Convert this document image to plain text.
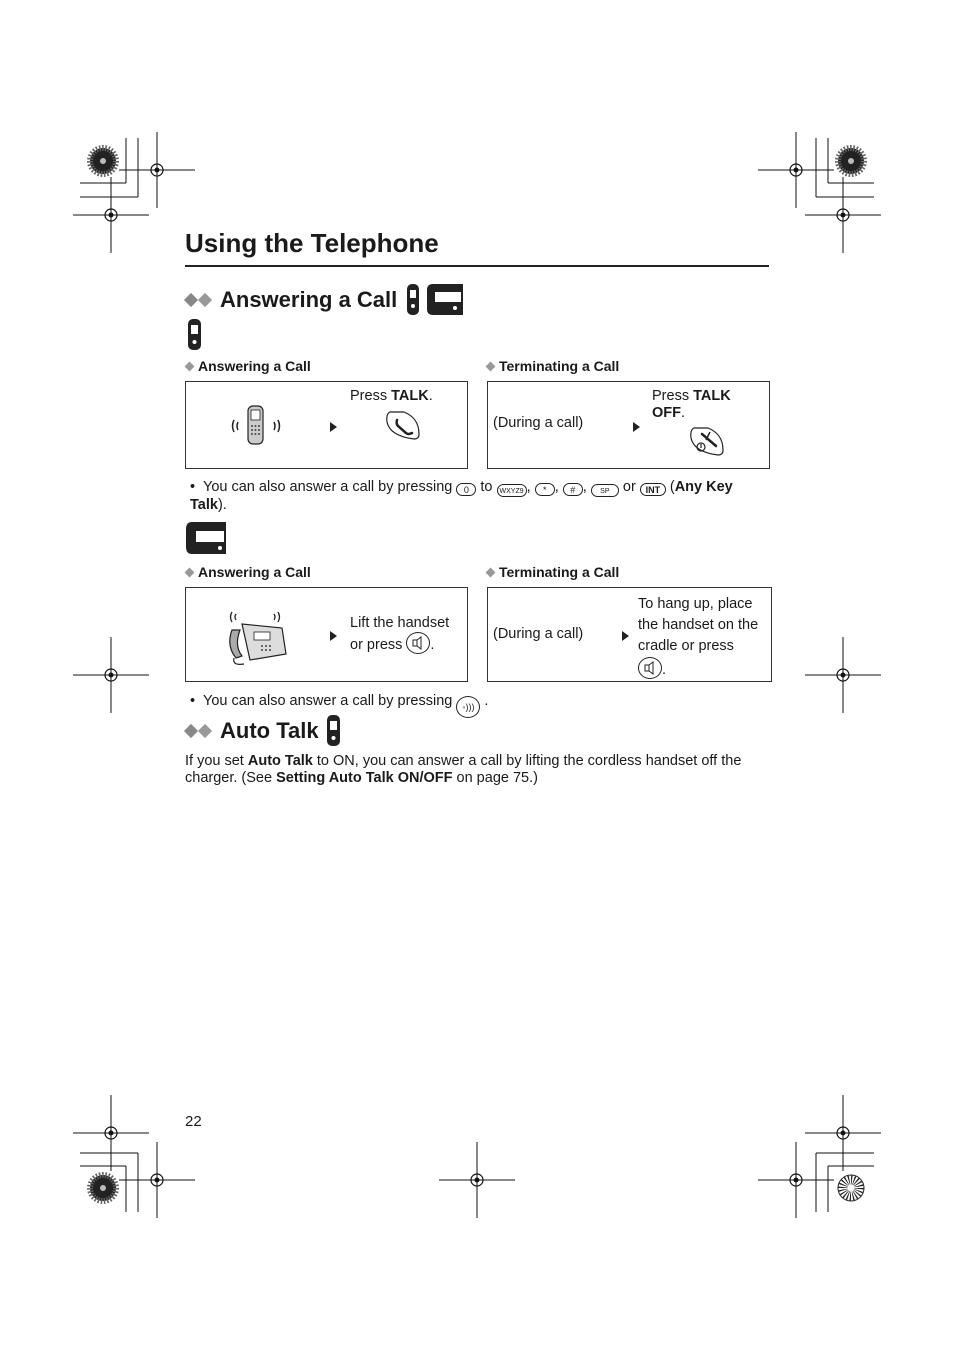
Using the Telephone
Answering a Call
Answering a Call	Terminating a Call
Press TALK.
(During a call)
Press TALK
OFF.
• You can also answer a call by pressing 0 to WXYZ9 , * , # , SP or INT (Any Key Talk).
Answering a Call	Terminating a Call
Lift the handset
or press .
(During a call)
To hang up, place
the handset on the
cradle or press

.
• You can also answer a call by pressing ◦))) .
Auto Talk
If you set Auto Talk to ON, you can answer a call by lifting the cordless handset off the
charger. (See Setting Auto Talk ON/OFF on page 75.)
22
